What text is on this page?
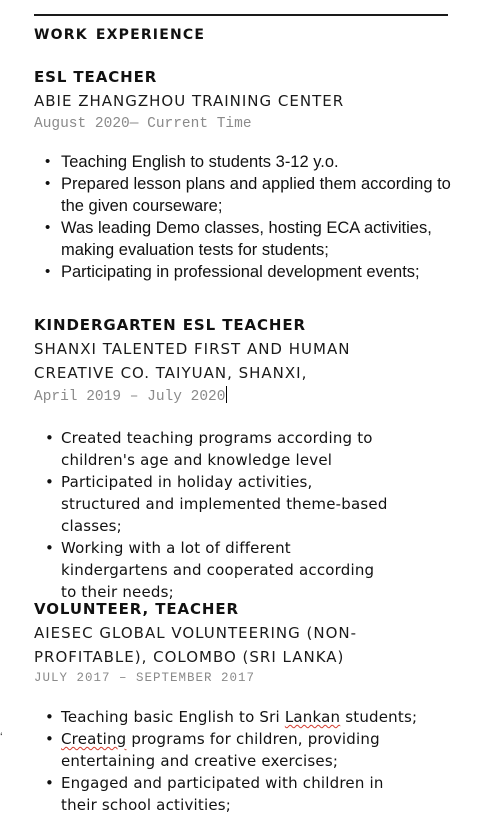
WORK EXPERIENCE
ESL TEACHER
ABIE ZHANGZHOU TRAINING CENTER
August 2020— Current Time
• Teaching English to students 3-12 y.o.
• Prepared lesson plans and applied them according to the given courseware;
• Was leading Demo classes, hosting ECA activities, making evaluation tests for students;
• Participating in professional development events;
KINDERGARTEN ESL TEACHER
SHANXI TALENTED FIRST AND HUMAN
CREATIVE CO. TAIYUAN, SHANXI,
April 2019 – July 2020
• Created teaching programs according to children's age and knowledge level
• Participated in holiday activities, structured and implemented theme-based classes;
• Working with a lot of different kindergartens and cooperated according to their needs;
VOLUNTEER, TEACHER
AIESEC GLOBAL VOLUNTEERING (NON-
PROFITABLE), COLOMBO (SRI LANKA)
JULY 2017 – SEPTEMBER 2017
• Teaching basic English to Sri Lankan students;
• Creating programs for children, providing entertaining and creative exercises;
• Engaged and participated with children in their school activities;
‘
